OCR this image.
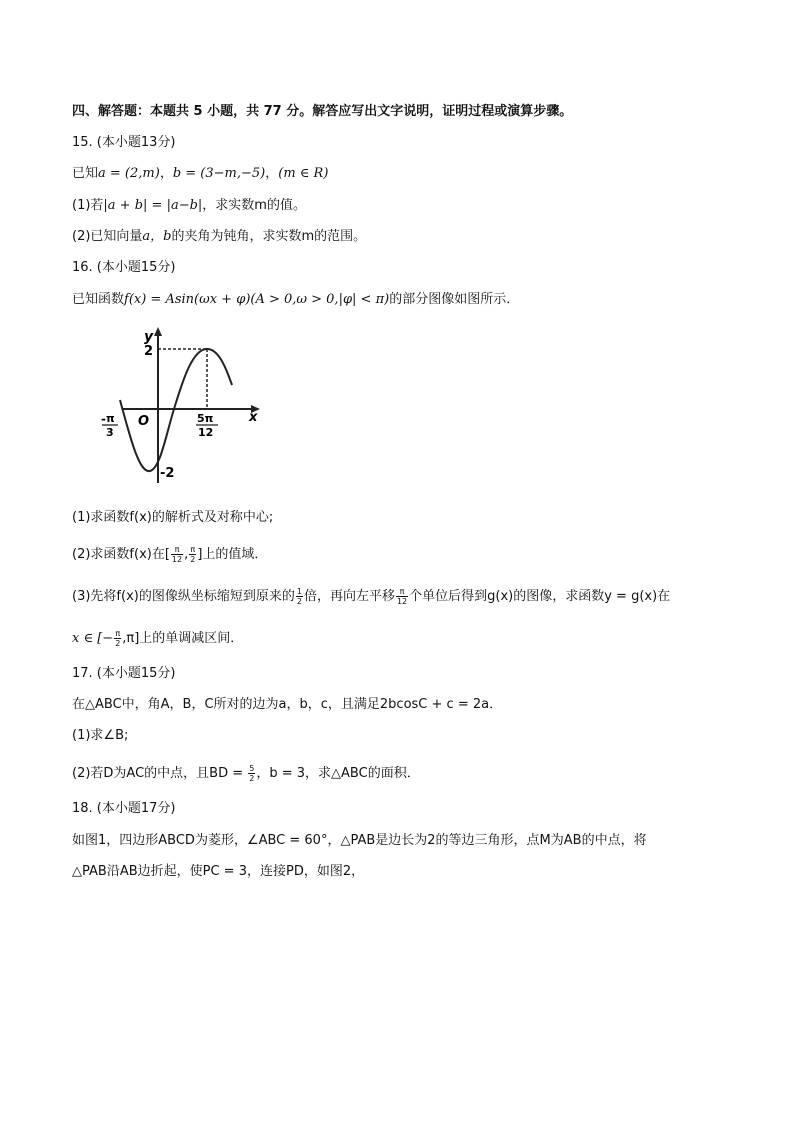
四、解答题：本题共 5 小题，共 77 分。解答应写出文字说明，证明过程或演算步骤。
15. (本小题13分)
已知a = (2,m)，b = (3−m,−5)，(m ∈ R)
(1)若|a + b| = |a−b|，求实数m的值。
(2)已知向量a，b的夹角为钝角，求实数m的范围。
16. (本小题15分)
已知函数f(x) = Asin(ωx + φ)(A > 0,ω > 0,|φ| < π)的部分图像如图所示．
y
2
O	x
-2
- π
3
5π
12
(1)求函数f(x)的解析式及对称中心;
(2)求函数f(x)在[ $\frac{\pi}{12}$ , $\frac{\pi}{2}$ ]上的值域．
(3)先将f(x)的图像纵坐标缩短到原来的 $\frac{1}{2}$ 倍，再向左平移 $\frac{\pi}{12}$ 个单位后得到g(x)的图像，求函数y = g(x)在
x ∈ [− $\frac{\pi}{2} ,\pi$]上的单调减区间．
17. (本小题15分)
在△ABC中，角A，B，C所对的边为a，b，c，且满足2bcosC + c = 2a．
(1)求∠B;
(2)若D为AC的中点，且BD = $\frac{5}{2}$ ，b = 3，求△ABC的面积．
18. (本小题17分)
如图1，四边形ABCD为菱形，∠ABC = 60°，△PAB是边长为2的等边三角形，点M为AB的中点，将
△PAB沿AB边折起，使PC = 3，连接PD，如图2，
